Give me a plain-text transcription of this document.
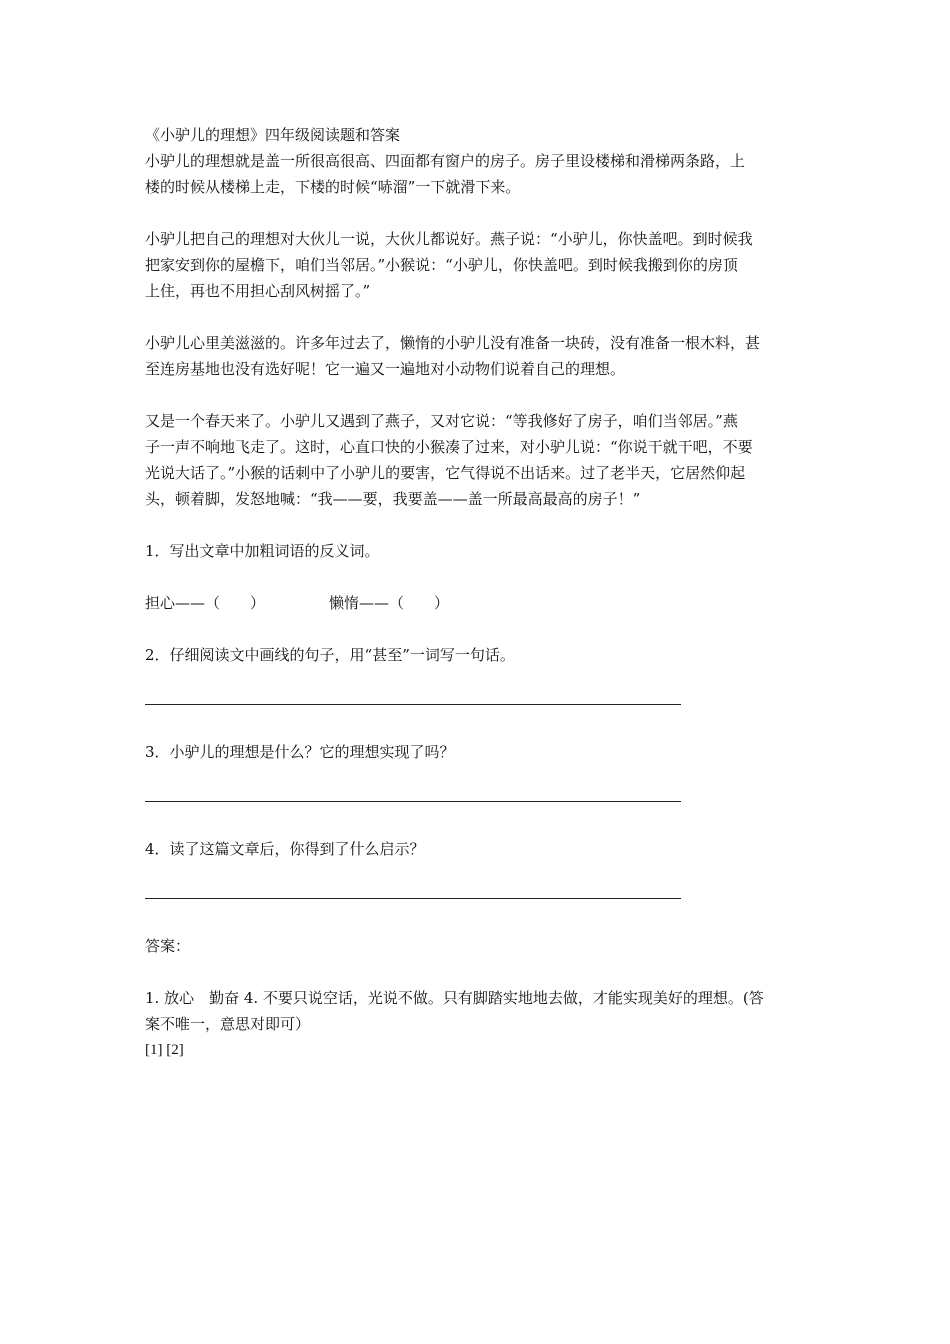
《小驴儿的理想》四年级阅读题和答案
小驴儿的理想就是盖一所很高很高、四面都有窗户的房子。房子里设楼梯和滑梯两条路，上
楼的时候从楼梯上走，下楼的时候“哧溜”一下就滑下来。
小驴儿把自己的理想对大伙儿一说，大伙儿都说好。燕子说：“小驴儿，你快盖吧。到时候我
把家安到你的屋檐下，咱们当邻居。”小猴说：“小驴儿，你快盖吧。到时候我搬到你的房顶
上住，再也不用担心刮风树摇了。”
小驴儿心里美滋滋的。许多年过去了，懒惰的小驴儿没有准备一块砖，没有准备一根木料，甚
至连房基地也没有选好呢！它一遍又一遍地对小动物们说着自己的理想。
又是一个春天来了。小驴儿又遇到了燕子，又对它说：“等我修好了房子，咱们当邻居。”燕
子一声不响地飞走了。这时，心直口快的小猴凑了过来，对小驴儿说：“你说干就干吧，不要
光说大话了。”小猴的话刺中了小驴儿的要害，它气得说不出话来。过了老半天，它居然仰起
头，顿着脚，发怒地喊：“我——要，我要盖——盖一所最高最高的房子！”
1．写出文章中加粗词语的反义词。
担心——（　　）	懒惰——（　　）
2．仔细阅读文中画线的句子，用“甚至”一词写一句话。
3．小驴儿的理想是什么？它的理想实现了吗？
4．读了这篇文章后，你得到了什么启示？
答案：
1. 放心　勤奋 4. 不要只说空话，光说不做。只有脚踏实地地去做，才能实现美好的理想。(答
案不唯一，意思对即可）
[1] [2]
